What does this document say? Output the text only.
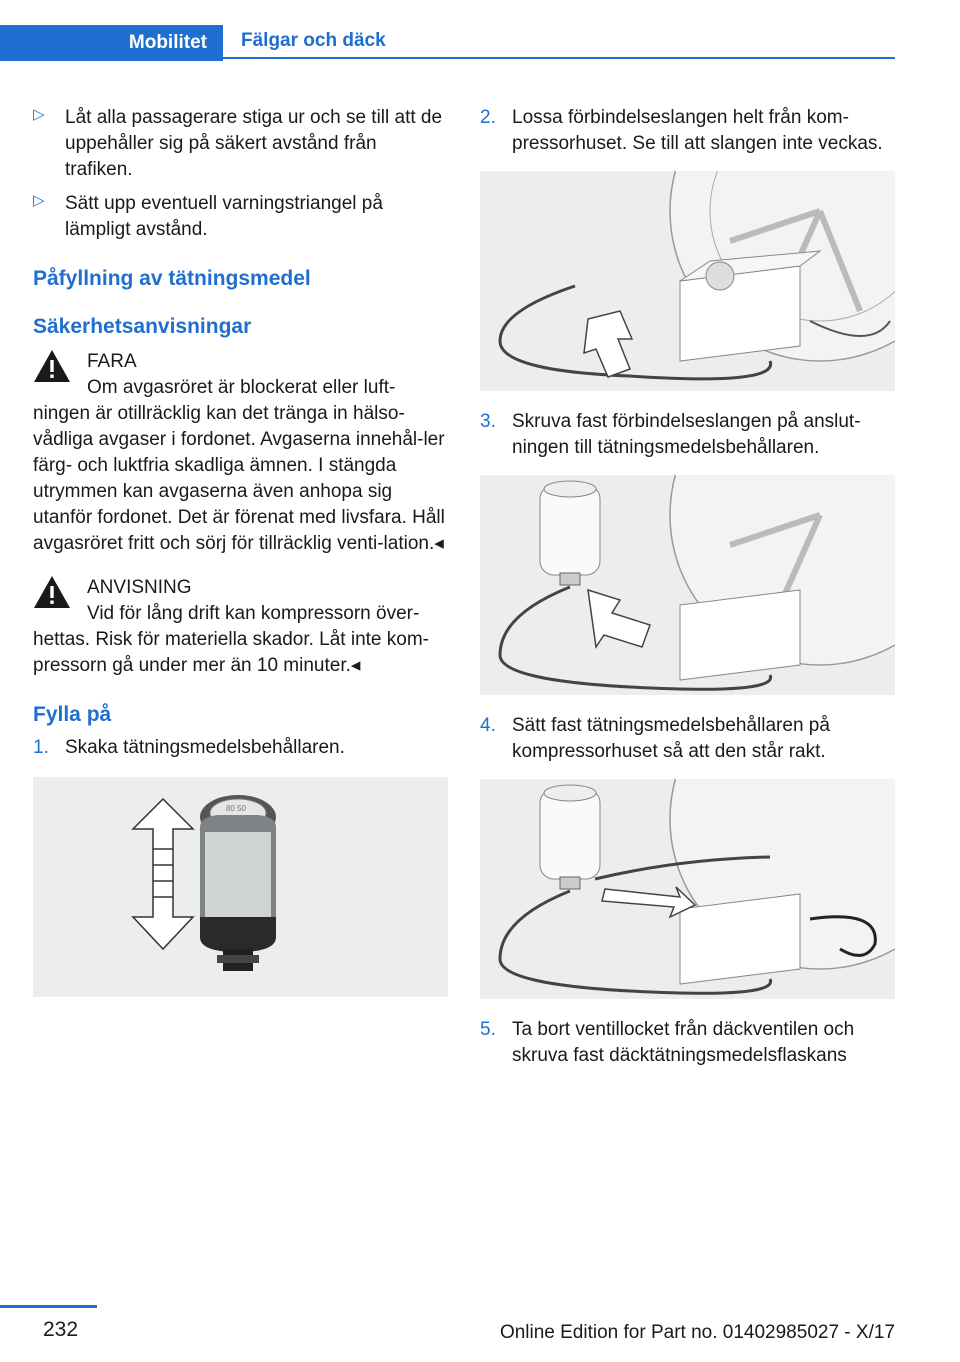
Mobilitet	Fälgar och däck
▷ Låt alla passagerare stiga ur och se till att de uppehåller sig på säkert avstånd från trafiken.

▷ Sätt upp eventuell varningstriangel på lämpligt avstånd.

Påfyllning av tätningsmedel

Säkerhetsanvisningar

FARA
Om avgasröret är blockerat eller luft-

ningen är otillräcklig kan det tränga in hälso-vådliga avgaser i fordonet. Avgaserna innehål-ler färg- och luktfria skadliga ämnen. I stängda utrymmen kan avgaserna även anhopa sig utanför fordonet. Det är förenat med livsfara. Håll avgasröret fritt och sörj för tillräcklig venti-lation.◂

ANVISNING
Vid för lång drift kan kompressorn över-

hettas. Risk för materiella skador. Låt inte kom-pressorn gå under mer än 10 minuter.◂

Fylla på

1. Skaka tätningsmedelsbehållaren.

80 50
2. Lossa förbindelseslangen helt från kom-pressorhuset. Se till att slangen inte veckas.

3. Skruva fast förbindelseslangen på anslut-ningen till tätningsmedelsbehållaren.

4. Sätt fast tätningsmedelsbehållaren på kompressorhuset så att den står rakt.

5. Ta bort ventillocket från däckventilen och skruva fast däcktätningsmedelsflaskans

232	Online Edition for Part no. 01402985027 - X/17
